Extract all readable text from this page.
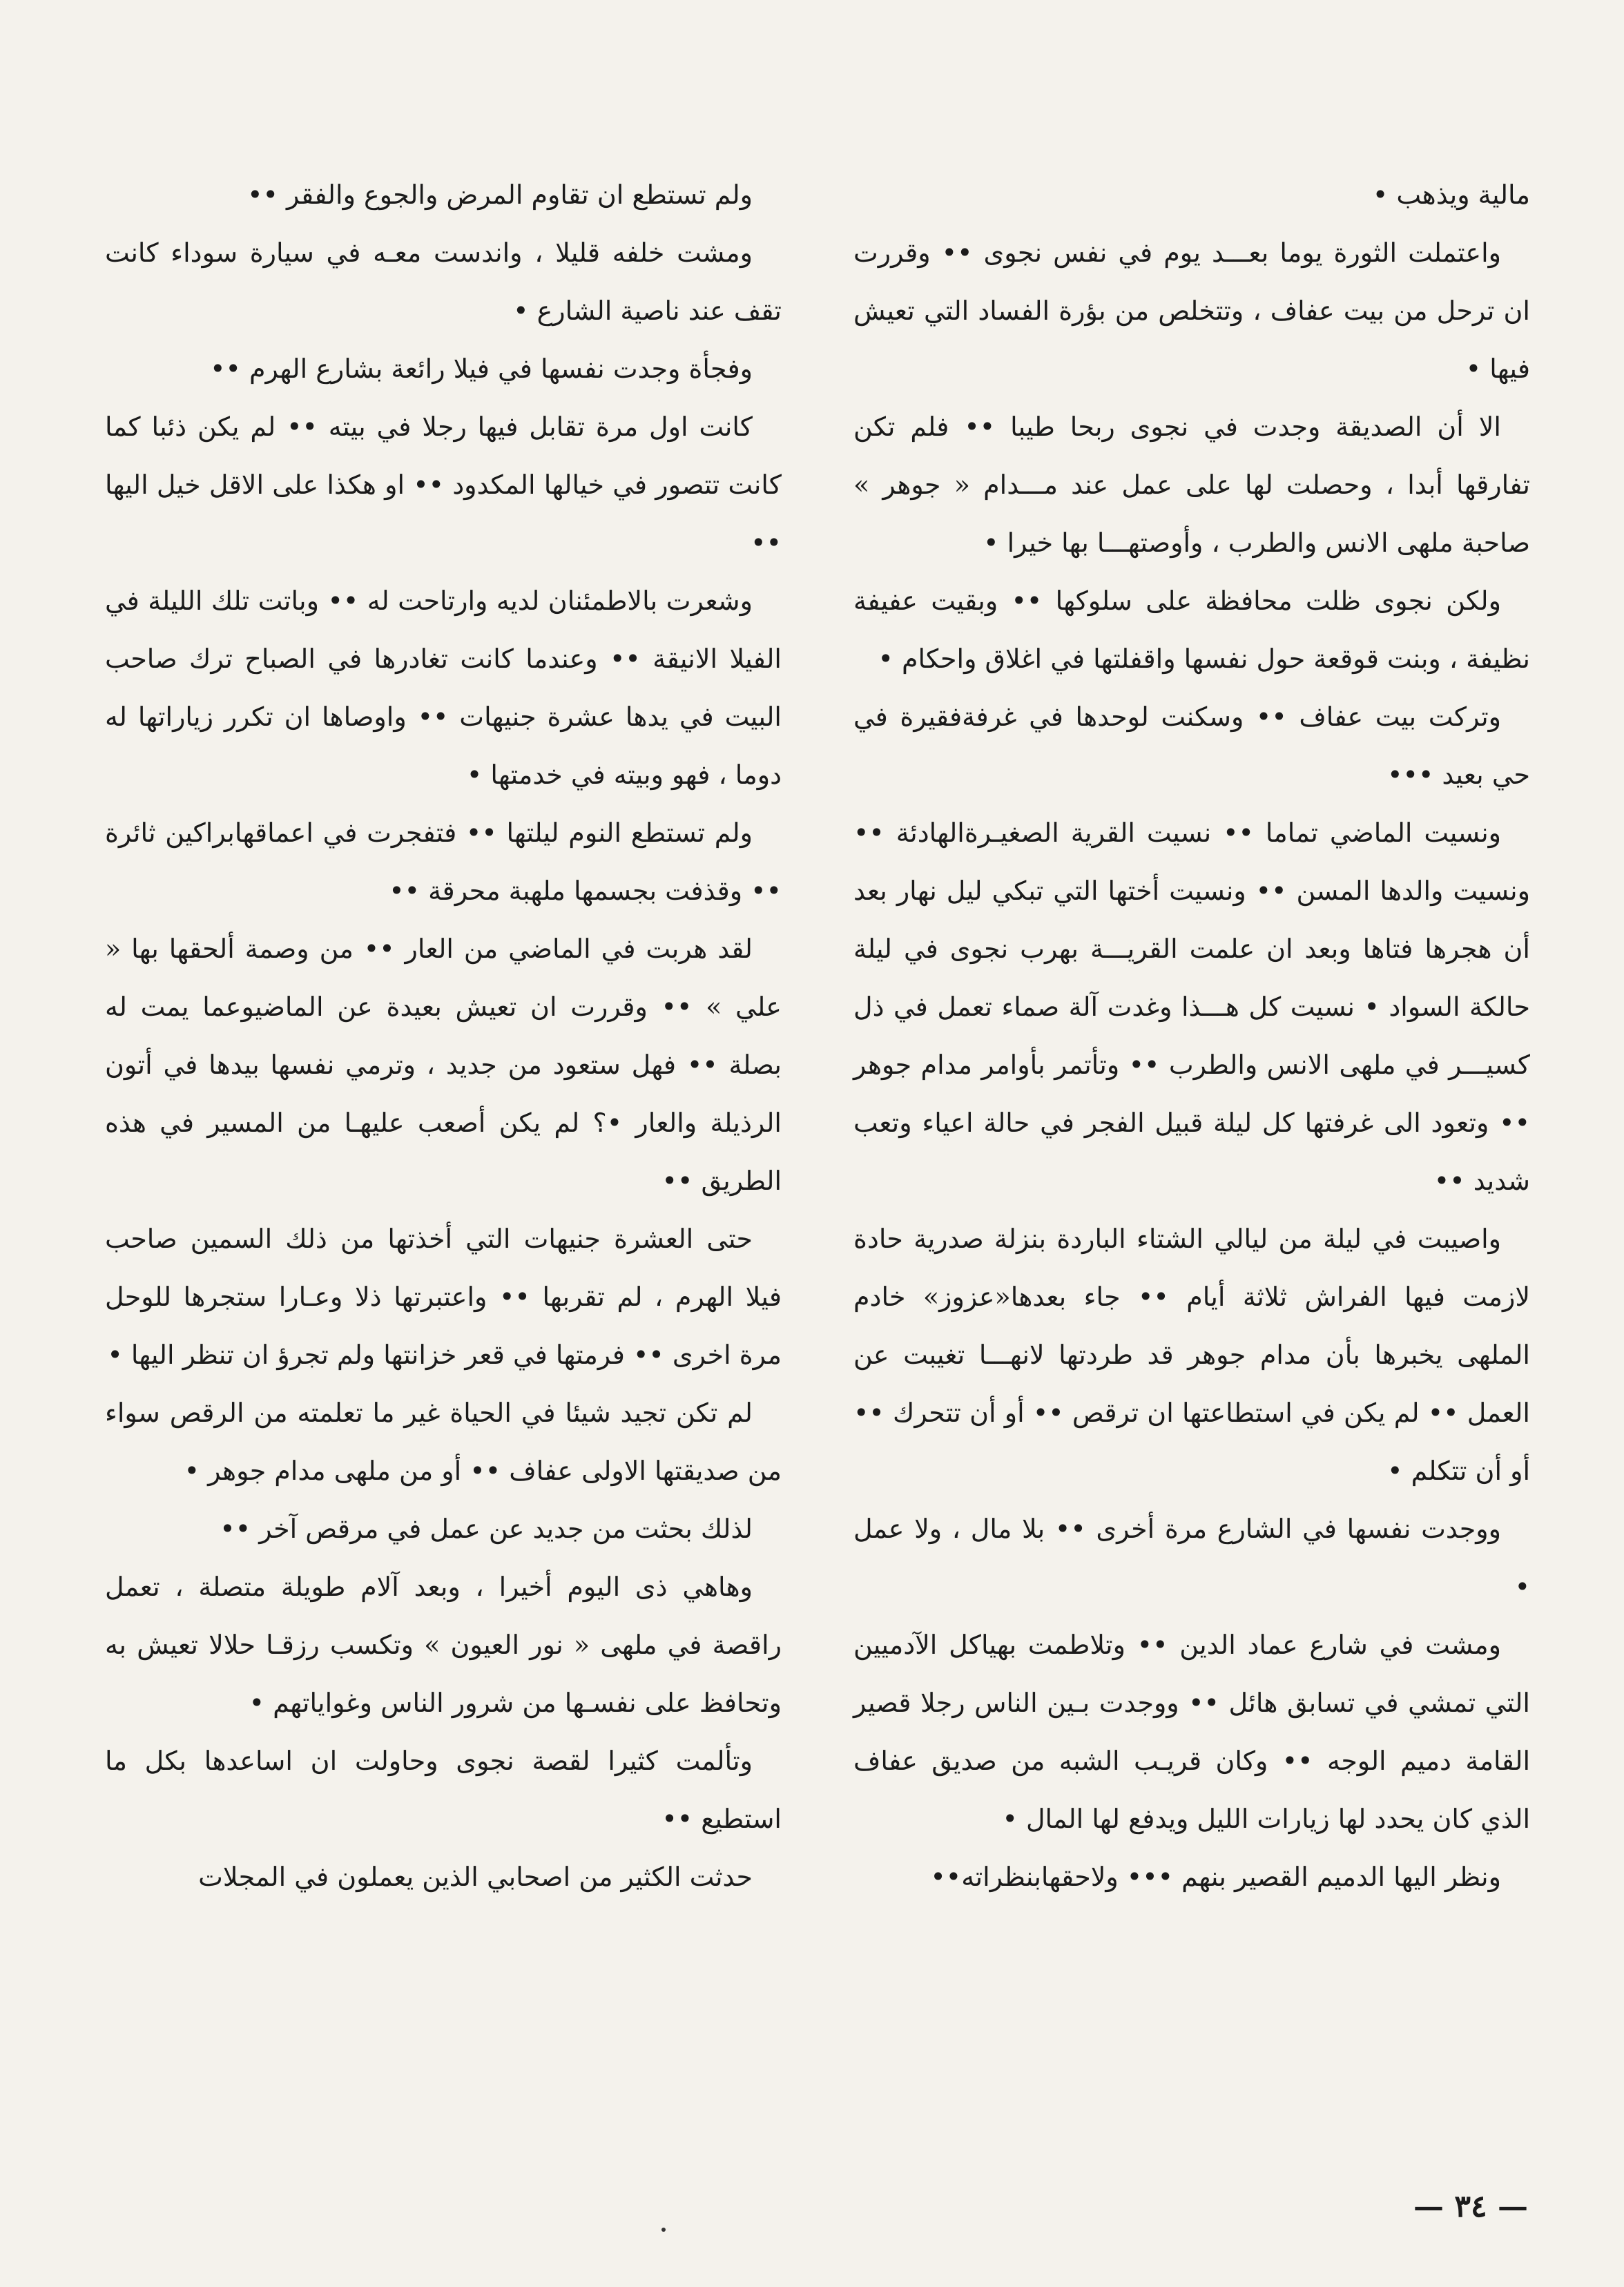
مالية ويذهب •

واعتملت الثورة يوما بعـــد يوم في نفس نجوى •• وقررت ان ترحل من بيت عفاف ، وتتخلص من بؤرة الفساد التي تعيش فيها •

الا أن الصديقة وجدت في نجوى ربحا طيبا •• فلم تكن تفارقها أبدا ، وحصلت لها على عمل عند مـــدام « جوهر » صاحبة ملهى الانس والطرب ، وأوصتهـــا بها خيرا •

ولكن نجوى ظلت محافظة على سلوكها •• وبقيت عفيفة نظيفة ، وبنت قوقعة حول نفسها واقفلتها في اغلاق واحكام •

وتركت بيت عفاف •• وسكنت لوحدها في غرفةفقيرة في حي بعيد •••

ونسيت الماضي تماما •• نسيت القرية الصغيـرةالهادئة •• ونسيت والدها المسن •• ونسيت أختها التي تبكي ليل نهار بعد أن هجرها فتاها وبعد ان علمت القريـــة بهرب نجوى في ليلة حالكة السواد • نسيت كل هـــذا وغدت آلة صماء تعمل في ذل كسيـــر في ملهى الانس والطرب •• وتأتمر بأوامر مدام جوهر •• وتعود الى غرفتها كل ليلة قبيل الفجر في حالة اعياء وتعب شديد ••

واصيبت في ليلة من ليالي الشتاء الباردة بنزلة صدرية حادة لازمت فيها الفراش ثلاثة أيام •• جاء بعدها«عزوز» خادم الملهى يخبرها بأن مدام جوهر قد طردتها لانهـــا تغيبت عن العمل •• لم يكن في استطاعتها ان ترقص •• أو أن تتحرك •• أو أن تتكلم •

ووجدت نفسها في الشارع مرة أخرى •• بلا مال ، ولا عمل •

ومشت في شارع عماد الدين •• وتلاطمت بهياكل الآدميين التي تمشي في تسابق هائل •• ووجدت بـين الناس رجلا قصير القامة دميم الوجه •• وكان قريـب الشبه من صديق عفاف الذي كان يحدد لها زيارات الليل ويدفع لها المال •

ونظر اليها الدميم القصير بنهم ••• ولاحقهابنظراته••

ولم تستطع ان تقاوم المرض والجوع والفقر ••

ومشت خلفه قليلا ، واندست معـه في سيارة سوداء كانت تقف عند ناصية الشارع •

وفجأة وجدت نفسها في فيلا رائعة بشارع الهرم ••

كانت اول مرة تقابل فيها رجلا في بيته •• لم يكن ذئبا كما كانت تتصور في خيالها المكدود •• او هكذا على الاقل خيل اليها ••

وشعرت بالاطمئنان لديه وارتاحت له •• وباتت تلك الليلة في الفيلا الانيقة •• وعندما كانت تغادرها في الصباح ترك صاحب البيت في يدها عشرة جنيهات •• واوصاها ان تكرر زياراتها له دوما ، فهو وبيته في خدمتها •

ولم تستطع النوم ليلتها •• فتفجرت في اعماقهابراكين ثائرة •• وقذفت بجسمها ملهبة محرقة ••

لقد هربت في الماضي من العار •• من وصمة ألحقها بها « علي » •• وقررت ان تعيش بعيدة عن الماضيوعما يمت له بصلة •• فهل ستعود من جديد ، وترمي نفسها بيدها في أتون الرذيلة والعار •؟ لم يكن أصعب عليهـا من المسير في هذه الطريق ••

حتى العشرة جنيهات التي أخذتها من ذلك السمين صاحب فيلا الهرم ، لم تقربها •• واعتبرتها ذلا وعـارا ستجرها للوحل مرة اخرى •• فرمتها في قعر خزانتها ولم تجرؤ ان تنظر اليها •

لم تكن تجيد شيئا في الحياة غير ما تعلمته من الرقص سواء من صديقتها الاولى عفاف •• أو من ملهى مدام جوهر •

لذلك بحثت من جديد عن عمل في مرقص آخر ••

وهاهي ذى اليوم أخيرا ، وبعد آلام طويلة متصلة ، تعمل راقصة في ملهى « نور العيون » وتكسب رزقـا حلالا تعيش به وتحافظ على نفسـها من شرور الناس وغواياتهم •

وتألمت كثيرا لقصة نجوى وحاولت ان اساعدها بكل ما استطيع ••

حدثت الكثير من اصحابي الذين يعملون في المجلات

— ٣٤ —
